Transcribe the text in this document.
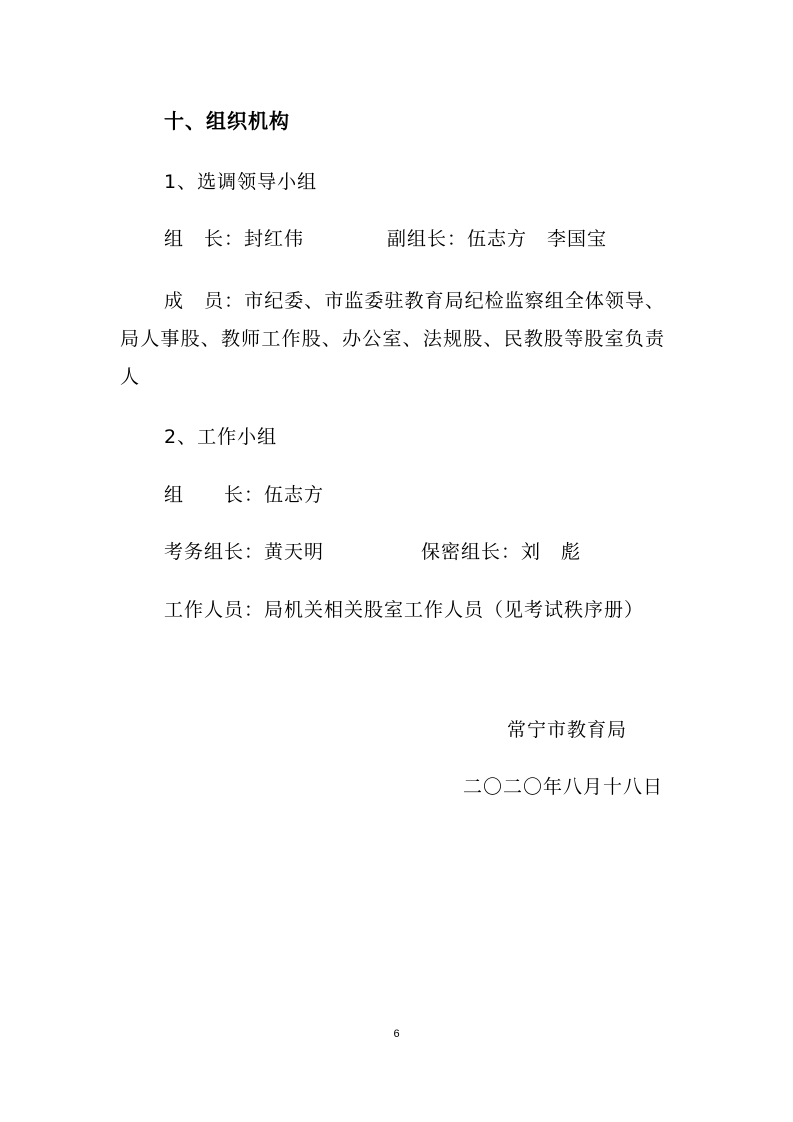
十、组织机构
1、选调领导小组
组　长：封红伟	副组长：伍志方　李国宝
成　员：市纪委、市监委驻教育局纪检监察组全体领导、局人事股、教师工作股、办公室、法规股、民教股等股室负责人
2、工作小组
组　　长：伍志方
考务组长：黄天明	保密组长：刘　彪
工作人员：局机关相关股室工作人员（见考试秩序册）
常宁市教育局
二〇二〇年八月十八日
6
